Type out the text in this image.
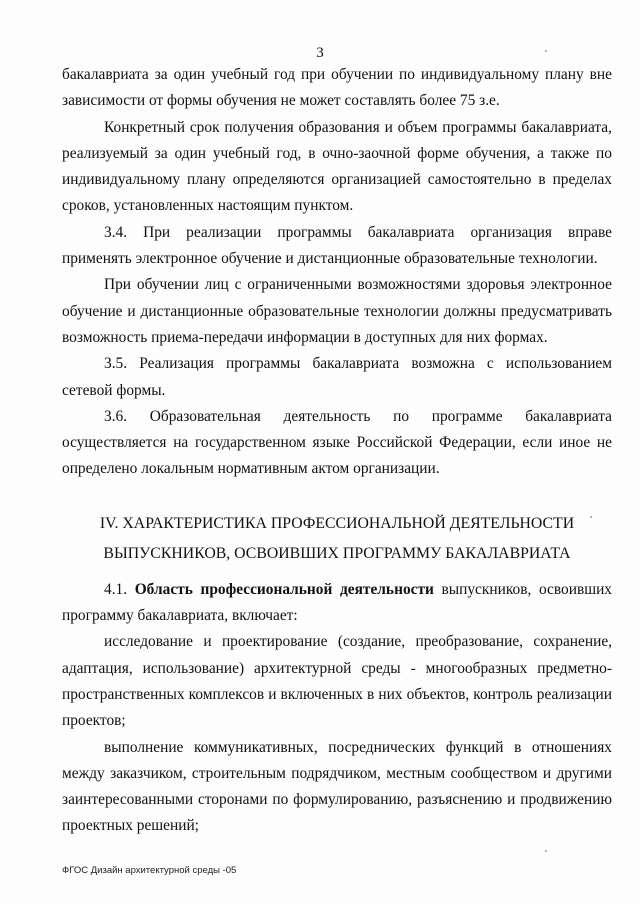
3

бакалавриата за один учебный год при обучении по индивидуальному плану вне зависимости от формы обучения не может составлять более 75 з.е.

Конкретный срок получения образования и объем программы бакалавриата, реализуемый за один учебный год, в очно-заочной форме обучения, а также по индивидуальному плану определяются организацией самостоятельно в пределах сроков, установленных настоящим пунктом.

3.4. При реализации программы бакалавриата организация вправе применять электронное обучение и дистанционные образовательные технологии.

При обучении лиц с ограниченными возможностями здоровья электронное обучение и дистанционные образовательные технологии должны предусматривать возможность приема-передачи информации в доступных для них формах.

3.5. Реализация программы бакалавриата возможна с использованием сетевой формы.

3.6. Образовательная деятельность по программе бакалавриата осуществляется на государственном языке Российской Федерации, если иное не определено локальным нормативным актом организации.

IV. ХАРАКТЕРИСТИКА ПРОФЕССИОНАЛЬНОЙ ДЕЯТЕЛЬНОСТИ
ВЫПУСКНИКОВ, ОСВОИВШИХ ПРОГРАММУ БАКАЛАВРИАТА

4.1. Область профессиональной деятельности выпускников, освоивших программу бакалавриата, включает:

исследование и проектирование (создание, преобразование, сохранение, адаптация, использование) архитектурной среды - многообразных предметно-пространственных комплексов и включенных в них объектов, контроль реализации проектов;

выполнение коммуникативных, посреднических функций в отношениях между заказчиком, строительным подрядчиком, местным сообществом и другими заинтересованными сторонами по формулированию, разъяснению и продвижению проектных решений;

ФГОС Дизайн архитектурной среды -05
